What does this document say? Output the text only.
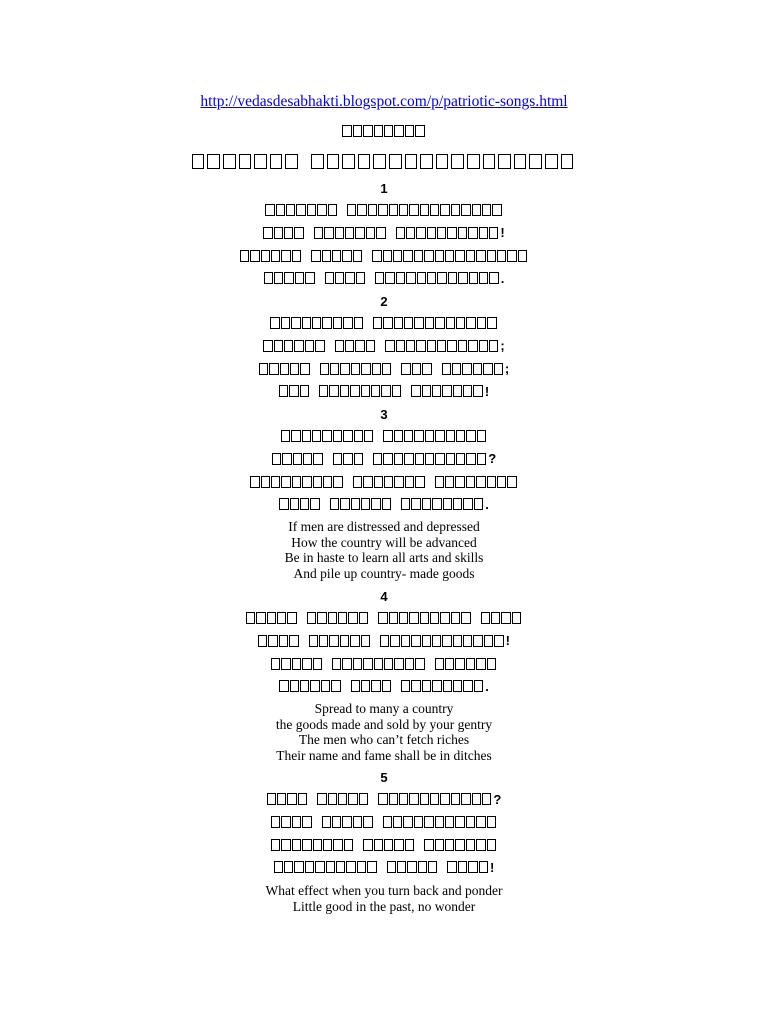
http://vedasdesabhakti.blogspot.com/p/patriotic-songs.html
1
!
.
2
;
;
!
3
?
.
If men are distressed and depressed
How the country will be advanced
Be in haste to learn all arts and skills
And pile up country- made goods
4
!
.
Spread to many a country
the goods made and sold by your gentry
The men who can’t fetch riches
Their name and fame shall be in ditches
5
?
!
What effect when you turn back and ponder
Little good in the past, no wonder
